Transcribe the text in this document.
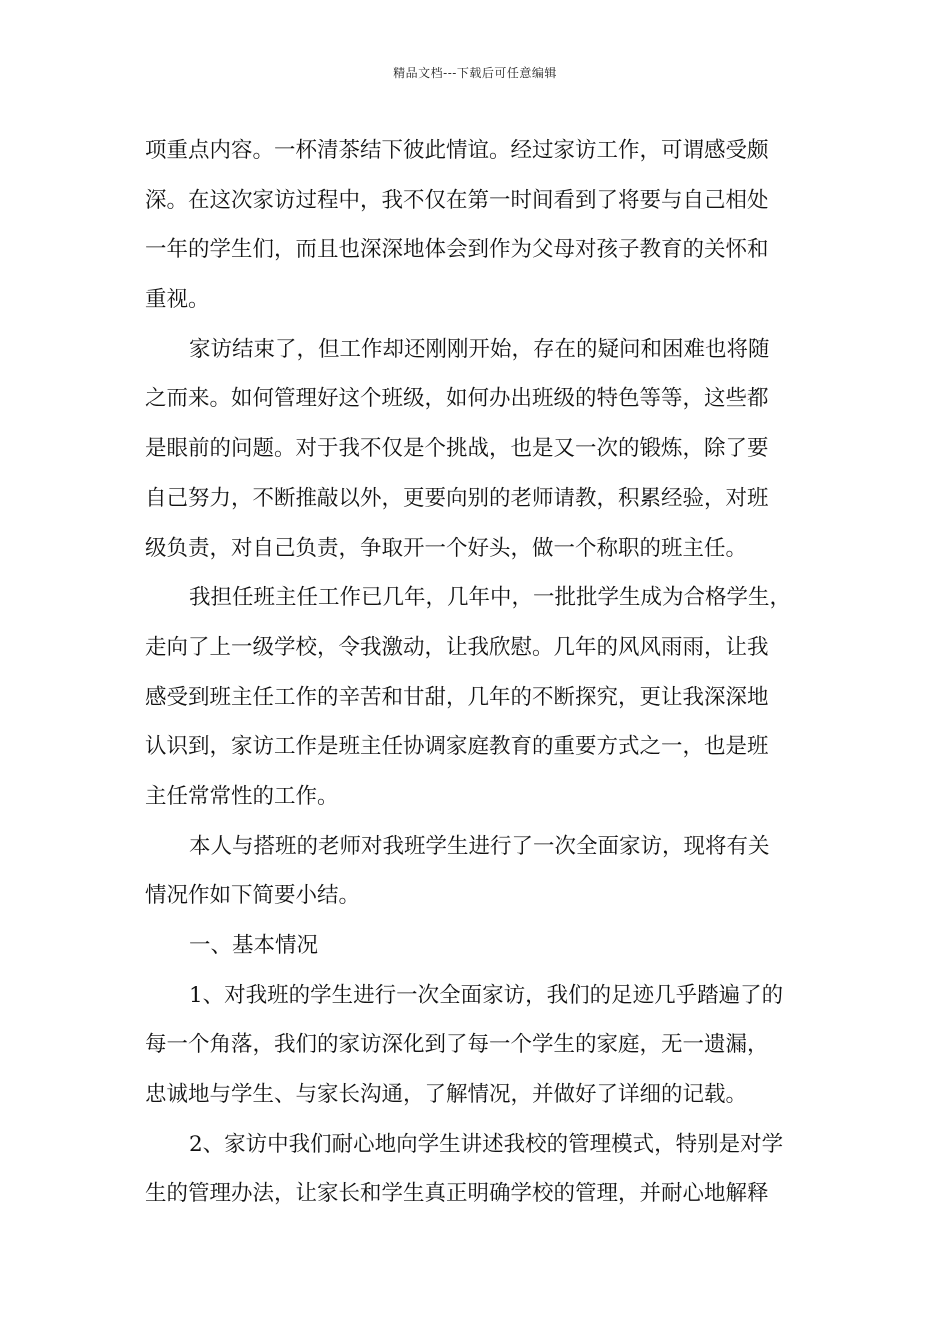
精品文档---下载后可任意编辑
项重点内容。一杯清茶结下彼此情谊。经过家访工作，可谓感受颇
深。在这次家访过程中，我不仅在第一时间看到了将要与自己相处
一年的学生们，而且也深深地体会到作为父母对孩子教育的关怀和
重视。
家访结束了，但工作却还刚刚开始，存在的疑问和困难也将随
之而来。如何管理好这个班级，如何办出班级的特色等等，这些都
是眼前的问题。对于我不仅是个挑战，也是又一次的锻炼，除了要
自己努力，不断推敲以外，更要向别的老师请教，积累经验，对班
级负责，对自己负责，争取开一个好头，做一个称职的班主任。
我担任班主任工作已几年，几年中，一批批学生成为合格学生，
走向了上一级学校，令我激动，让我欣慰。几年的风风雨雨，让我
感受到班主任工作的辛苦和甘甜，几年的不断探究，更让我深深地
认识到，家访工作是班主任协调家庭教育的重要方式之一，也是班
主任常常性的工作。
本人与搭班的老师对我班学生进行了一次全面家访，现将有关
情况作如下简要小结。
一、基本情况
1、对我班的学生进行一次全面家访，我们的足迹几乎踏遍了的
每一个角落，我们的家访深化到了每一个学生的家庭，无一遗漏，
忠诚地与学生、与家长沟通，了解情况，并做好了详细的记载。
2、家访中我们耐心地向学生讲述我校的管理模式，特别是对学
生的管理办法，让家长和学生真正明确学校的管理，并耐心地解释
